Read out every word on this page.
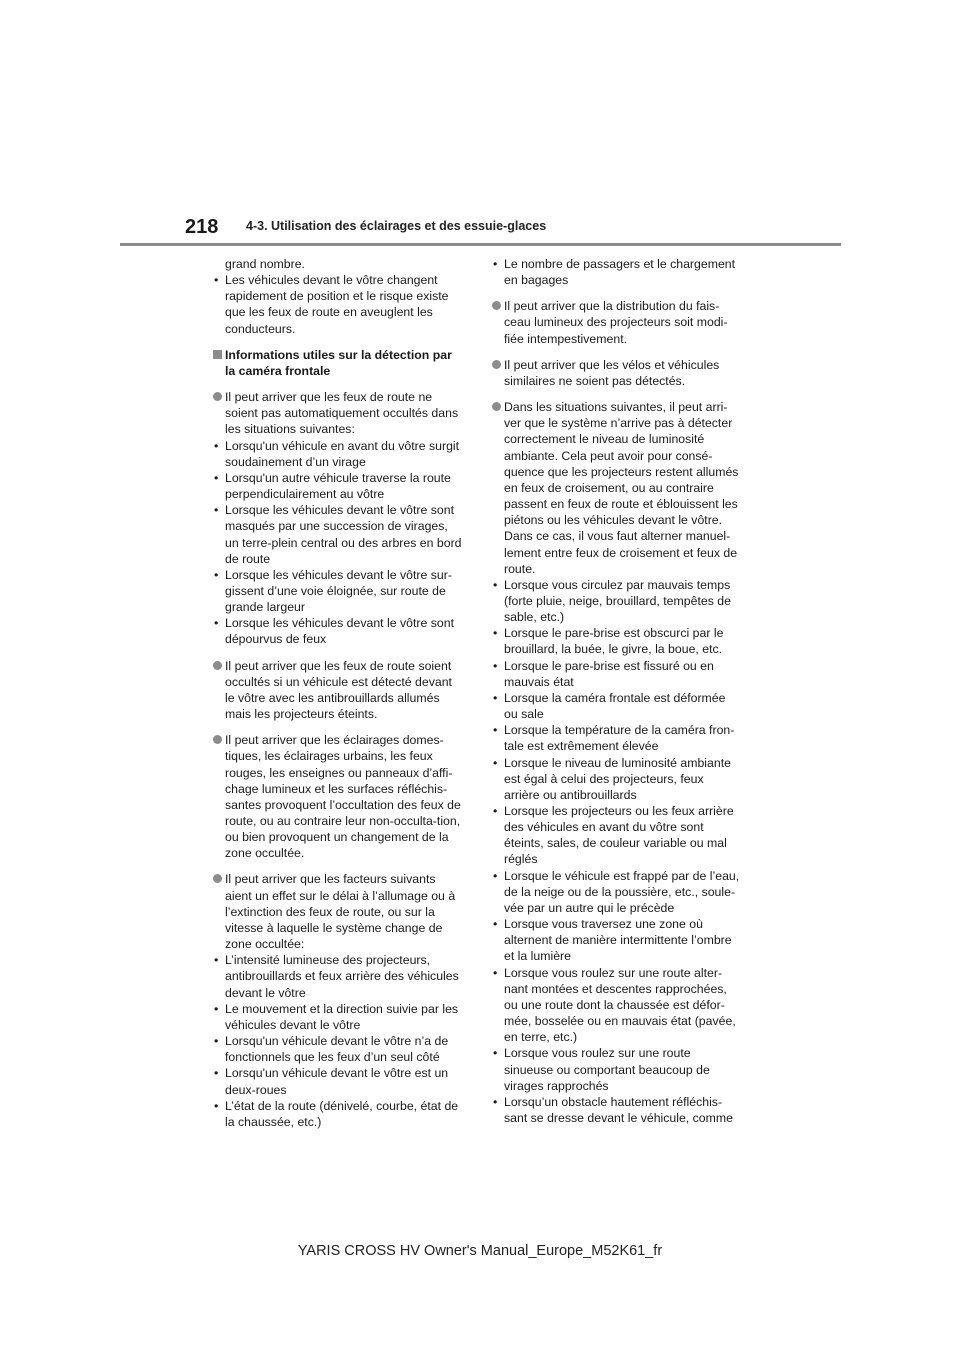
218 4-3. Utilisation des éclairages et des essuie-glaces

grand nombre.

• Les véhicules devant le vôtre changent rapidement de position et le risque existe que les feux de route en aveuglent les conducteurs.
Informations utiles sur la détection par la caméra frontale
Il peut arriver que les feux de route ne soient pas automatiquement occultés dans les situations suivantes:
• Lorsqu'un véhicule en avant du vôtre surgit soudainement d’un virage
• Lorsqu'un autre véhicule traverse la route perpendiculairement au vôtre
• Lorsque les véhicules devant le vôtre sont masqués par une succession de virages, un terre-plein central ou des arbres en bord de route
• Lorsque les véhicules devant le vôtre sur-gissent d’une voie éloignée, sur route de grande largeur
• Lorsque les véhicules devant le vôtre sont dépourvus de feux
Il peut arriver que les feux de route soient occultés si un véhicule est détecté devant le vôtre avec les antibrouillards allumés mais les projecteurs éteints.
Il peut arriver que les éclairages domes-tiques, les éclairages urbains, les feux rouges, les enseignes ou panneaux d’affi-chage lumineux et les surfaces réfléchis-santes provoquent l’occultation des feux de route, ou au contraire leur non-occulta-tion, ou bien provoquent un changement de la zone occultée.
Il peut arriver que les facteurs suivants aient un effet sur le délai à l’allumage ou à l’extinction des feux de route, ou sur la vitesse à laquelle le système change de zone occultée:
• L’intensité lumineuse des projecteurs, antibrouillards et feux arrière des véhicules devant le vôtre
• Le mouvement et la direction suivie par les véhicules devant le vôtre
• Lorsqu'un véhicule devant le vôtre n’a de fonctionnels que les feux d’un seul côté
• Lorsqu'un véhicule devant le vôtre est un deux-roues
• L’état de la route (dénivelé, courbe, état de la chaussée, etc.)
• Le nombre de passagers et le chargement en bagages
Il peut arriver que la distribution du fais-ceau lumineux des projecteurs soit modi-fiée intempestivement.
Il peut arriver que les vélos et véhicules similaires ne soient pas détectés.
Dans les situations suivantes, il peut arri-ver que le système n’arrive pas à détecter correctement le niveau de luminosité ambiante. Cela peut avoir pour consé-quence que les projecteurs restent allumés en feux de croisement, ou au contraire passent en feux de route et éblouissent les piétons ou les véhicules devant le vôtre. Dans ce cas, il vous faut alterner manuel-lement entre feux de croisement et feux de route.
• Lorsque vous circulez par mauvais temps (forte pluie, neige, brouillard, tempêtes de sable, etc.)
• Lorsque le pare-brise est obscurci par le brouillard, la buée, le givre, la boue, etc.
• Lorsque le pare-brise est fissuré ou en mauvais état
• Lorsque la caméra frontale est déformée ou sale
• Lorsque la température de la caméra fron-tale est extrêmement élevée
• Lorsque le niveau de luminosité ambiante est égal à celui des projecteurs, feux arrière ou antibrouillards
• Lorsque les projecteurs ou les feux arrière des véhicules en avant du vôtre sont éteints, sales, de couleur variable ou mal réglés
• Lorsque le véhicule est frappé par de l’eau, de la neige ou de la poussière, etc., soule-vée par un autre qui le précède
• Lorsque vous traversez une zone où alternent de manière intermittente l’ombre et la lumière
• Lorsque vous roulez sur une route alter-nant montées et descentes rapprochées, ou une route dont la chaussée est défor-mée, bosselée ou en mauvais état (pavée, en terre, etc.)
• Lorsque vous roulez sur une route sinueuse ou comportant beaucoup de virages rapprochés
• Lorsqu’un obstacle hautement réfléchis-sant se dresse devant le véhicule, comme
YARIS CROSS HV Owner's Manual_Europe_M52K61_fr
